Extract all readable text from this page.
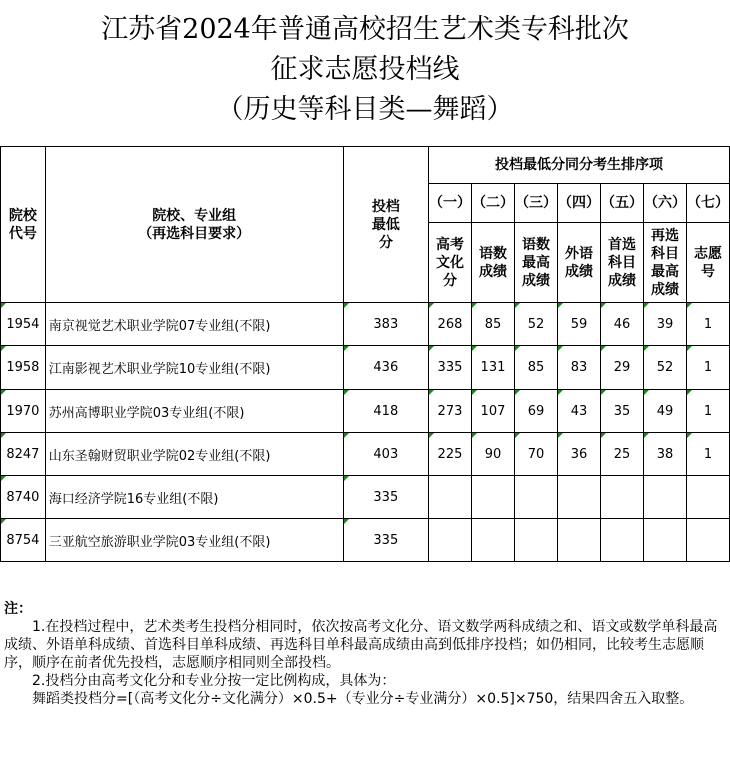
江苏省2024年普通高校招生艺术类专科批次
征求志愿投档线
（历史等科目类—舞蹈）
院校代号	院校、专业组
（再选科目要求）	投档最低分	投档最低分同分考生排序项						
			（一）	（二）	（三）	（四）	（五）	（六）	（七）
			高考文化分	语数成绩	语数最高成绩	外语成绩	首选科目成绩	再选科目最高成绩	志愿号
1954	南京视觉艺术职业学院07专业组(不限)	383	268	85	52	59	46	39	1
1958	江南影视艺术职业学院10专业组(不限)	436	335	131	85	83	29	52	1
1970	苏州高博职业学院03专业组(不限)	418	273	107	69	43	35	49	1
8247	山东圣翰财贸职业学院02专业组(不限)	403	225	90	70	36	25	38	1
8740	海口经济学院16专业组(不限)	335							
8754	三亚航空旅游职业学院03专业组(不限)	335							

注：

1.在投档过程中，艺术类考生投档分相同时，依次按高考文化分、语文数学两科成绩之和、语文或数学单科最高成绩、外语单科成绩、首选科目单科成绩、再选科目单科最高成绩由高到低排序投档；如仍相同，比较考生志愿顺序，顺序在前者优先投档，志愿顺序相同则全部投档。

2.投档分由高考文化分和专业分按一定比例构成，具体为：

舞蹈类投档分=[（高考文化分÷文化满分）×0.5+（专业分÷专业满分）×0.5]×750，结果四舍五入取整。
